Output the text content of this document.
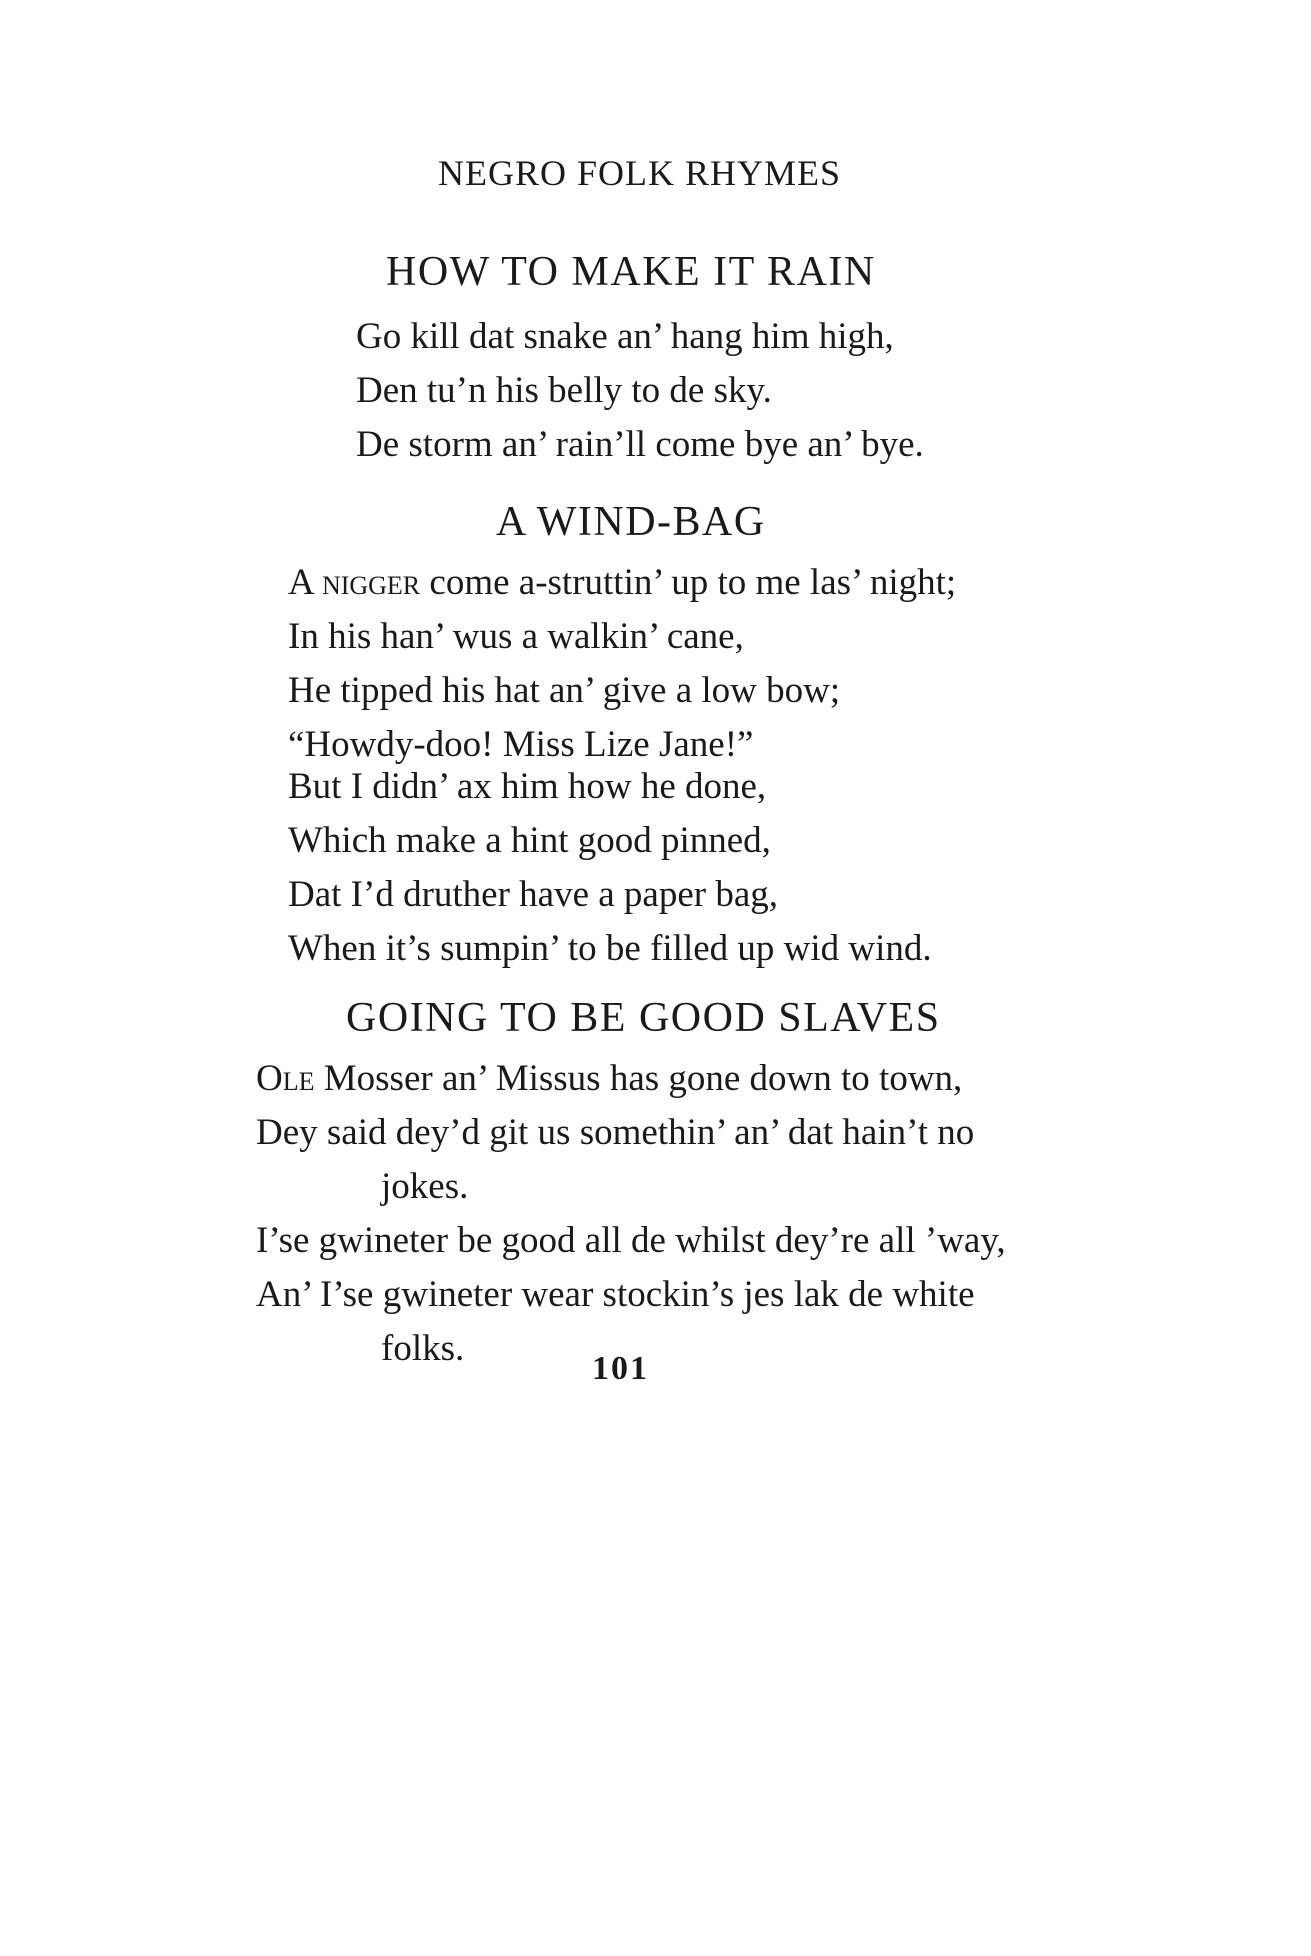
NEGRO FOLK RHYMES
HOW TO MAKE IT RAIN
Go kill dat snake an’ hang him high,
Den tu’n his belly to de sky.
De storm an’ rain’ll come bye an’ bye.
A WIND-BAG
A nigger come a-struttin’ up to me las’ night;
In his han’ wus a walkin’ cane,
He tipped his hat an’ give a low bow;
“Howdy-doo! Miss Lize Jane!”
But I didn’ ax him how he done,
Which make a hint good pinned,
Dat I’d druther have a paper bag,
When it’s sumpin’ to be filled up wid wind.
GOING TO BE GOOD SLAVES
Ole Mosser an’ Missus has gone down to town,
Dey said dey’d git us somethin’ an’ dat hain’t no
jokes.
I’se gwineter be good all de whilst dey’re all ’way,
An’ I’se gwineter wear stockin’s jes lak de white
folks.	101
